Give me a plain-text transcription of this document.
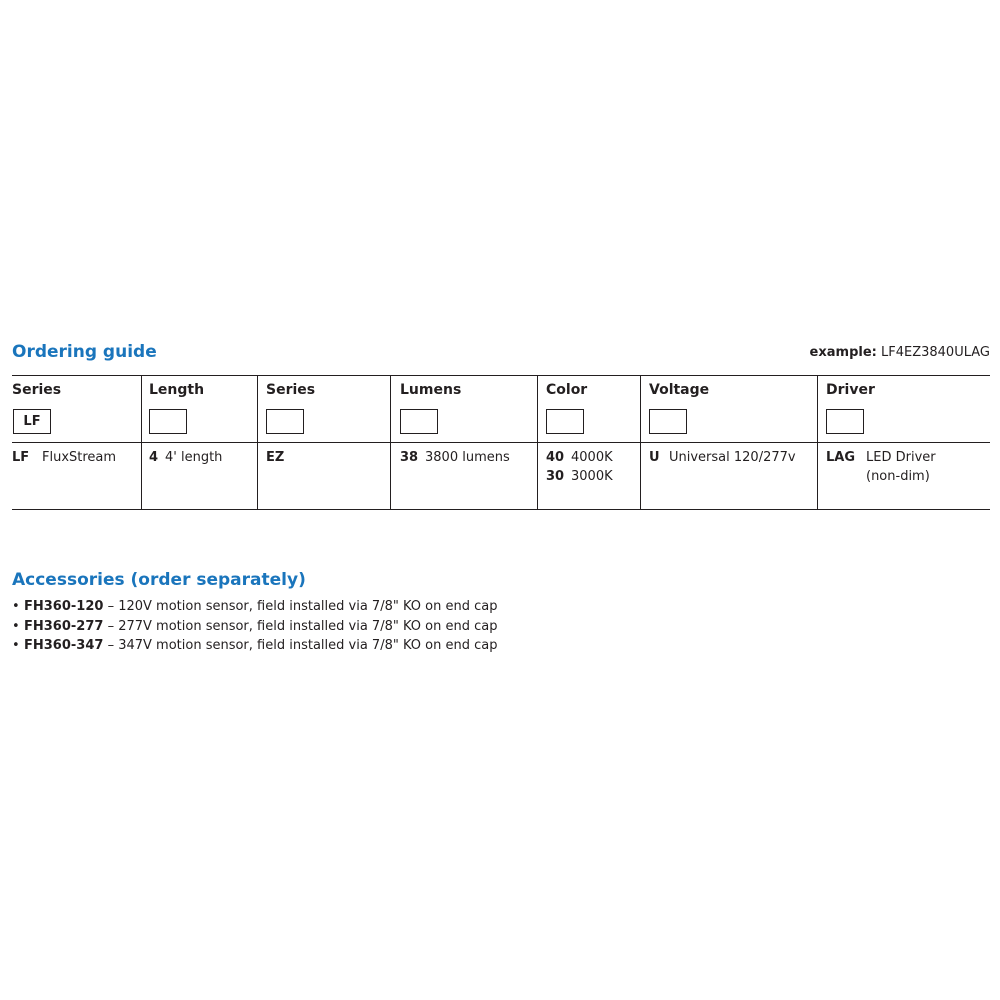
Ordering guide	example: LF4EZ3840ULAG
Series
LF
LF FluxStream
Length
4 4' length
Series
EZ
Lumens
38 3800 lumens
Color
40 4000K
30 3000K
Voltage
U Universal 120/277v
Driver
LAG LED Driver
(non-dim)
Accessories (order separately)
• FH360-120 – 120V motion sensor, field installed via 7/8" KO on end cap
• FH360-277 – 277V motion sensor, field installed via 7/8" KO on end cap
• FH360-347 – 347V motion sensor, field installed via 7/8" KO on end cap
